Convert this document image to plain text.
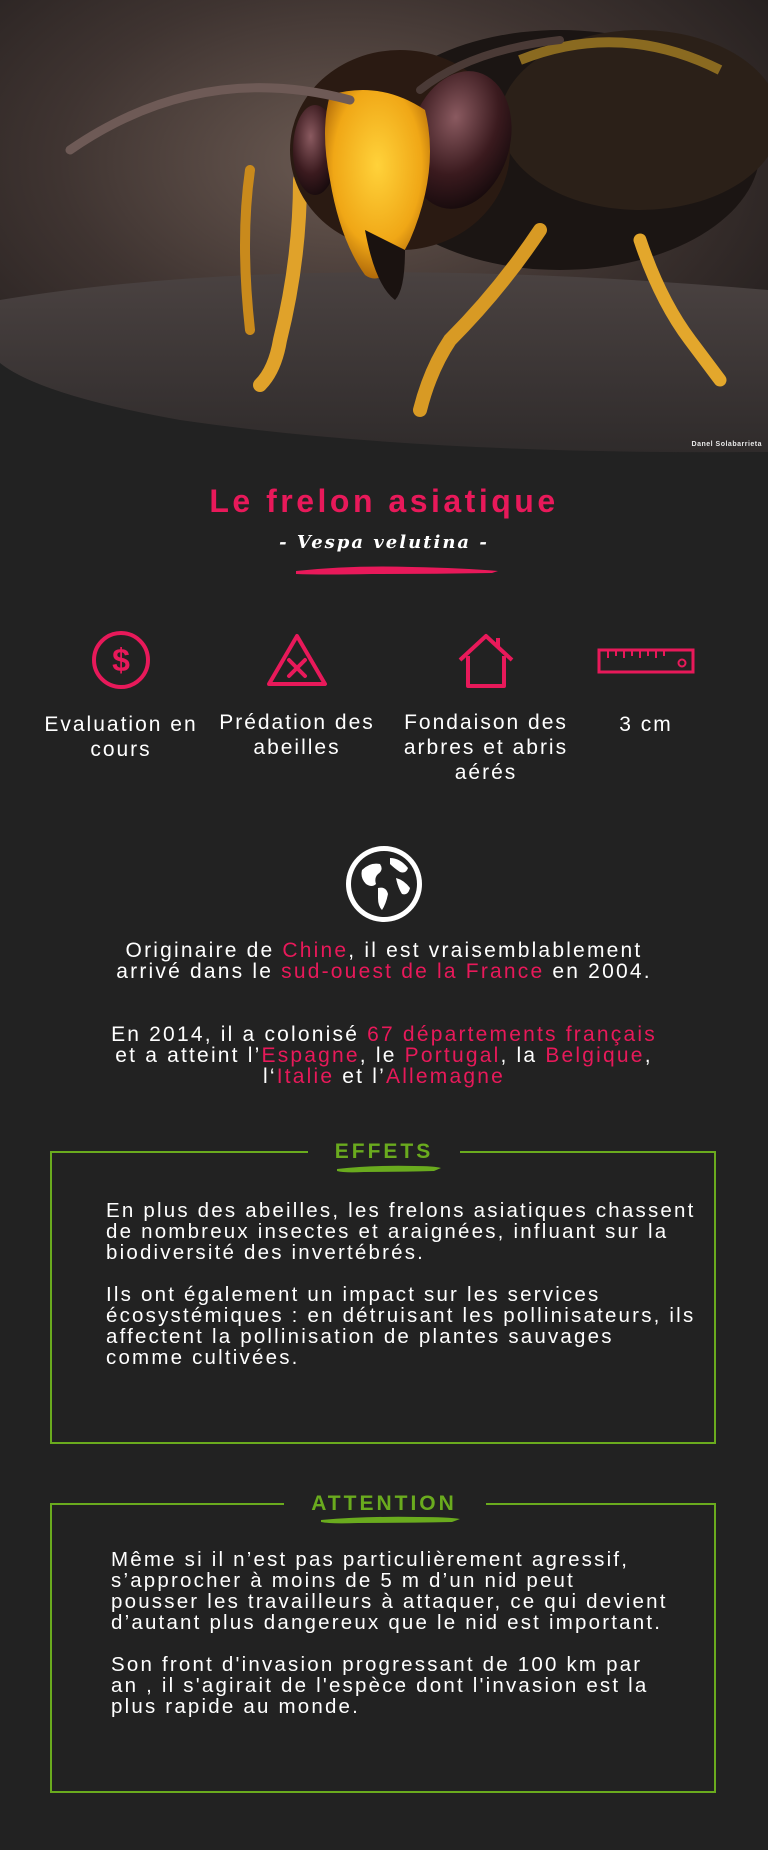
Danel Solabarrieta
Le frelon asiatique
- Vespa velutina -
$
Evaluation en cours
Prédation des abeilles
Fondaison des arbres et abris aérés
3 cm
Originaire de Chine, il est vraisemblablement arrivé dans le sud-ouest de la France en 2004.
En 2014, il a colonisé 67 départements français et a atteint l’Espagne, le Portugal, la Belgique, l‘Italie et l’Allemagne
EFFETS

En plus des abeilles, les frelons asiatiques chassent de nombreux insectes et araignées, influant sur la biodiversité des invertébrés.

Ils ont également un impact sur les services écosystémiques : en détruisant les pollinisateurs, ils affectent la pollinisation de plantes sauvages comme cultivées.

ATTENTION

Même si il n’est pas particulièrement agressif, s’approcher à moins de 5 m d’un nid peut pousser les travailleurs à attaquer, ce qui devient d’autant plus dangereux que le nid est important.

Son front d'invasion progressant de 100 km par an , il s'agirait de l'espèce dont l'invasion est la plus rapide au monde.
